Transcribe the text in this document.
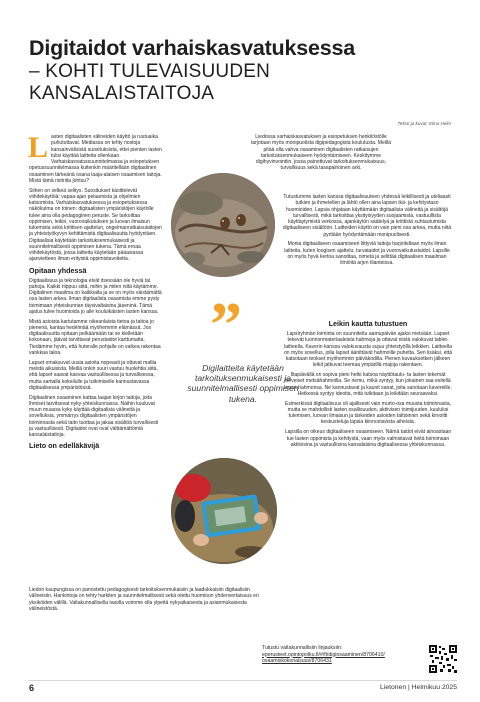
Digitaidot varhaiskasvatuksessa
– KOHTI TULEVAISUUDEN KANSALAISTAITOJA
Teksti ja kuvat: Elina Helin

Lasten digitaalisten välineiden käyttö ja ruutuaika puhututtavat. Mediassa on tehty nostoja kansainvälisistä suosituksista, ettei pienten lasten tulisi käyttää laitteita ollenkaan. Varhaiskasvatussuunnitelmassa ja esiopetuksen opetussuunnitelmassa kuitenkin määritellään digitaalinen osaaminen tärkeänä osana laaja-alaisen osaamisen taitoja. Mistä tämä ristiriita johtuu?

Siihen on selkeä selitys. Suositukset käsittelevät viihdekäyttöä: vapaa-ajan pelaamista ja ohjelmien katsomista. Varhaiskasvatuksessa ja esiopetuksessa näkökulma on toinen: digitaalisten ympäristöjen käytölle tulee aina olla pedagoginen peruste. Se tarkoittaa oppimisen, leikin, vuorovaikutuksen ja luovan ilmaisun tukemista sekä kriittisen ajattelun, ongelmanratkaisutaitojen ja yhteistyökyvyn kehittämistä digitaalisuutta hyödyntäen. Digitaalisia käytetään tarkoituksenmukaisesti ja suunnitelmallisesti oppimisen tukena. Tämä eroaa viihdekäytöstä, jossa laitteita käytetään pääasiassa ajanvietteen ilman erityistä oppimistavoitetta.

Opitaan yhdessä

Digitaalisuus ja teknologia eivät itsessään ole hyviä tai pahoja. Kaikki riippuu siitä, mihin ja miten niitä käytämme. Digitalinen maailma on kaikkialla ja se on myös väistämättä osa lasten arkea. Ilman digitaalista osaamista emme pysty toimimaan yhteiskunnan täysivaltaisina jäseninä. Tämä ajatus tulee huomioida jo alle kouluikäisten lasten kanssa.

Mistä asioista kartutamme oikeanlaista tietoa ja taitoa jo pienenä, kantaa hedelmää myöhemmin elämässä. Jos digitaalisuutta opitaan pelkäämään tai se kielletään kokonaan, jäävät tarvittavat perustaidot karttumatta. Tiedämme hyvin, että huteralle pohjalle on vaikea rakentaa vankkaa taloa.

Lapset omaksuvat uusia asioita nopeasti ja ottavat mallia meistä aikuisista. Meillä onkin suuri vastuu huolehtia siitä, että lapset saavat kasvaa vastuullisessa ja turvallisessa, mutta samalla kokeilulle ja tutkimiselle kannustavassa digitaalisessa ympäristössä.

Digitaalinen osaaminen kattaa laajan kirjon taitoja, joita ihmiset tarvitsevat nyky-yhteiskunnassa. Näihin kuuluvat muun muassa kyky käyttää digitaalisia välineitä ja sovelluksia, ymmärrys digitaalisten ympäristöjen toiminnasta sekä taito tuottaa ja jakaa sisältöä turvallisesti ja vastuullisesti. Digitaidot ovat ovat välttämättömiä kansalaistaitoja.

Lieto on edelläkävijä

Liedon kaupungissa on panostettu pedagogisesti tarkoituksenmukaisiin ja laadukkaisiin digitaalisiin välineisiin. Hankintoja on tehty harkiten ja suunnitelmallisesti sekä otettu huomioon yhdenvertaisuus eri yksiköiden välillä. Valtakunnallisella tasolla voimme olla ylpeitä nykyaikaisesta ja asianmukaisesta välineistöstä.

Liedossa varhaiskasvatuksen ja esiopetuksen henkilöstölle tarjotaan myös monipuolista digipedagogista koulutusta. Meillä pitää olla vahva osaaminen digitaalisten ratkaisujen tarkoituksenmukaiseen hyödyntämiseen. Keskitymme digihyvinvointiin, jossa painottuvat tarkoituksenmukaisuus, turvallisuus sekä tasapainoinen arki.

Tutustumme lasten kanssa digitaalisuuteen yhdessä leikillisesti ja uteliaasti tutkien ja ihmetellen ja lähtö ollen aina lapsen ikä- ja kehitystaso huomioiden. Lapsia ohjataan käyttämään digitaalisia välineitä ja sisältöjä turvallisesti, mikä tarkoittaa yksityisyyden suojaamista, vastuullista käyttäytymistä verkossa, ajankäytön säätelyä ja kriittistä suhtautumista digitaaliseen sisältöön. Laitteiden käyttö on vain pieni osa arkea, mutta niitä pyritään hyödyntämään monipuolisesti.

Monia digitaaliseen osaamiseen liittyviä taitoja harjoitellaan myös ilman laitteita, kuten loogisen ajattelu, turvataidot ja vuorovaikutustaidot. Lapsille on myös hyvä kertoa sanoittaa, nimetä ja selittää digitaalisen maailman ilmiöitä arjen tilanteissa.

Leikin kautta tutustuen

Lapsiryhmän toiminta on suunniteltu aamupäivän ajaksi metsään. Lapset tekevät luonnonmateriaaleista hahmoja ja ottavat niistä valokuvat tablet-laitteella. Kaverin kanssa valokuvausta sujuu yhteistyöllä leikkien. Laitteella on myös sovellus, jolla lapset äänittävät hahmoille puhetta. Sen lisäksi, että katsotaan teokset myöhemmin päiväkodilla. Pienen kuvauksetken jälkeen leikit jatkuvat teemaa ympärillä majoja rakentaen.

Iltapäivällä on sopiva pieni hetki katsoa näyttötaulu- ta lasten tekemät terveiset metsähahmoilla. Se riemu, mikä syntyy, kun jokainen saa esitellä oman hahmonsa. Ne kannustavat ja kaunit sanat, joita sanotaan kavereille. Hetkessä syntyy ideoita, mitä tutkitaan ja leikitään seuraavaksi.

Esimerkissä digitaalisuus oli ajallisesti vain murto-osa muusta toiminnasta, mutta se mahdollisti lasten osallisuuden, aktiivisen toimijuuden, kuuluksi tulemisen, luovan ilmaisun ja tärkeiden asioiden taltioinnin sekä kirvoitti keskusteluja lapsia kiinnostavista aiheista.

Lapsilla on oikeus digitaaliseen osaamiseen. Nämä taidot eivät ainoastaan tue lasten oppimista ja kehitystä, vaan myös valmistavat heitä toimimaan aktiivisina ja vastuullisina kansalaisina digitaalisessa yhteiskunnassa.

”
Digilaitteita käytetään tarkoituksenmukaisesti ja suunnitelmallisesti oppimisen tukena.
Tutustu valtakunnallisiin linjauksiin:
eperusteet.opintopolku.fi/#/fi/digiosaaminen/8706410/
osaamiskokonaisuus/8706431
6	Lietonen | Helmikuu 2025
